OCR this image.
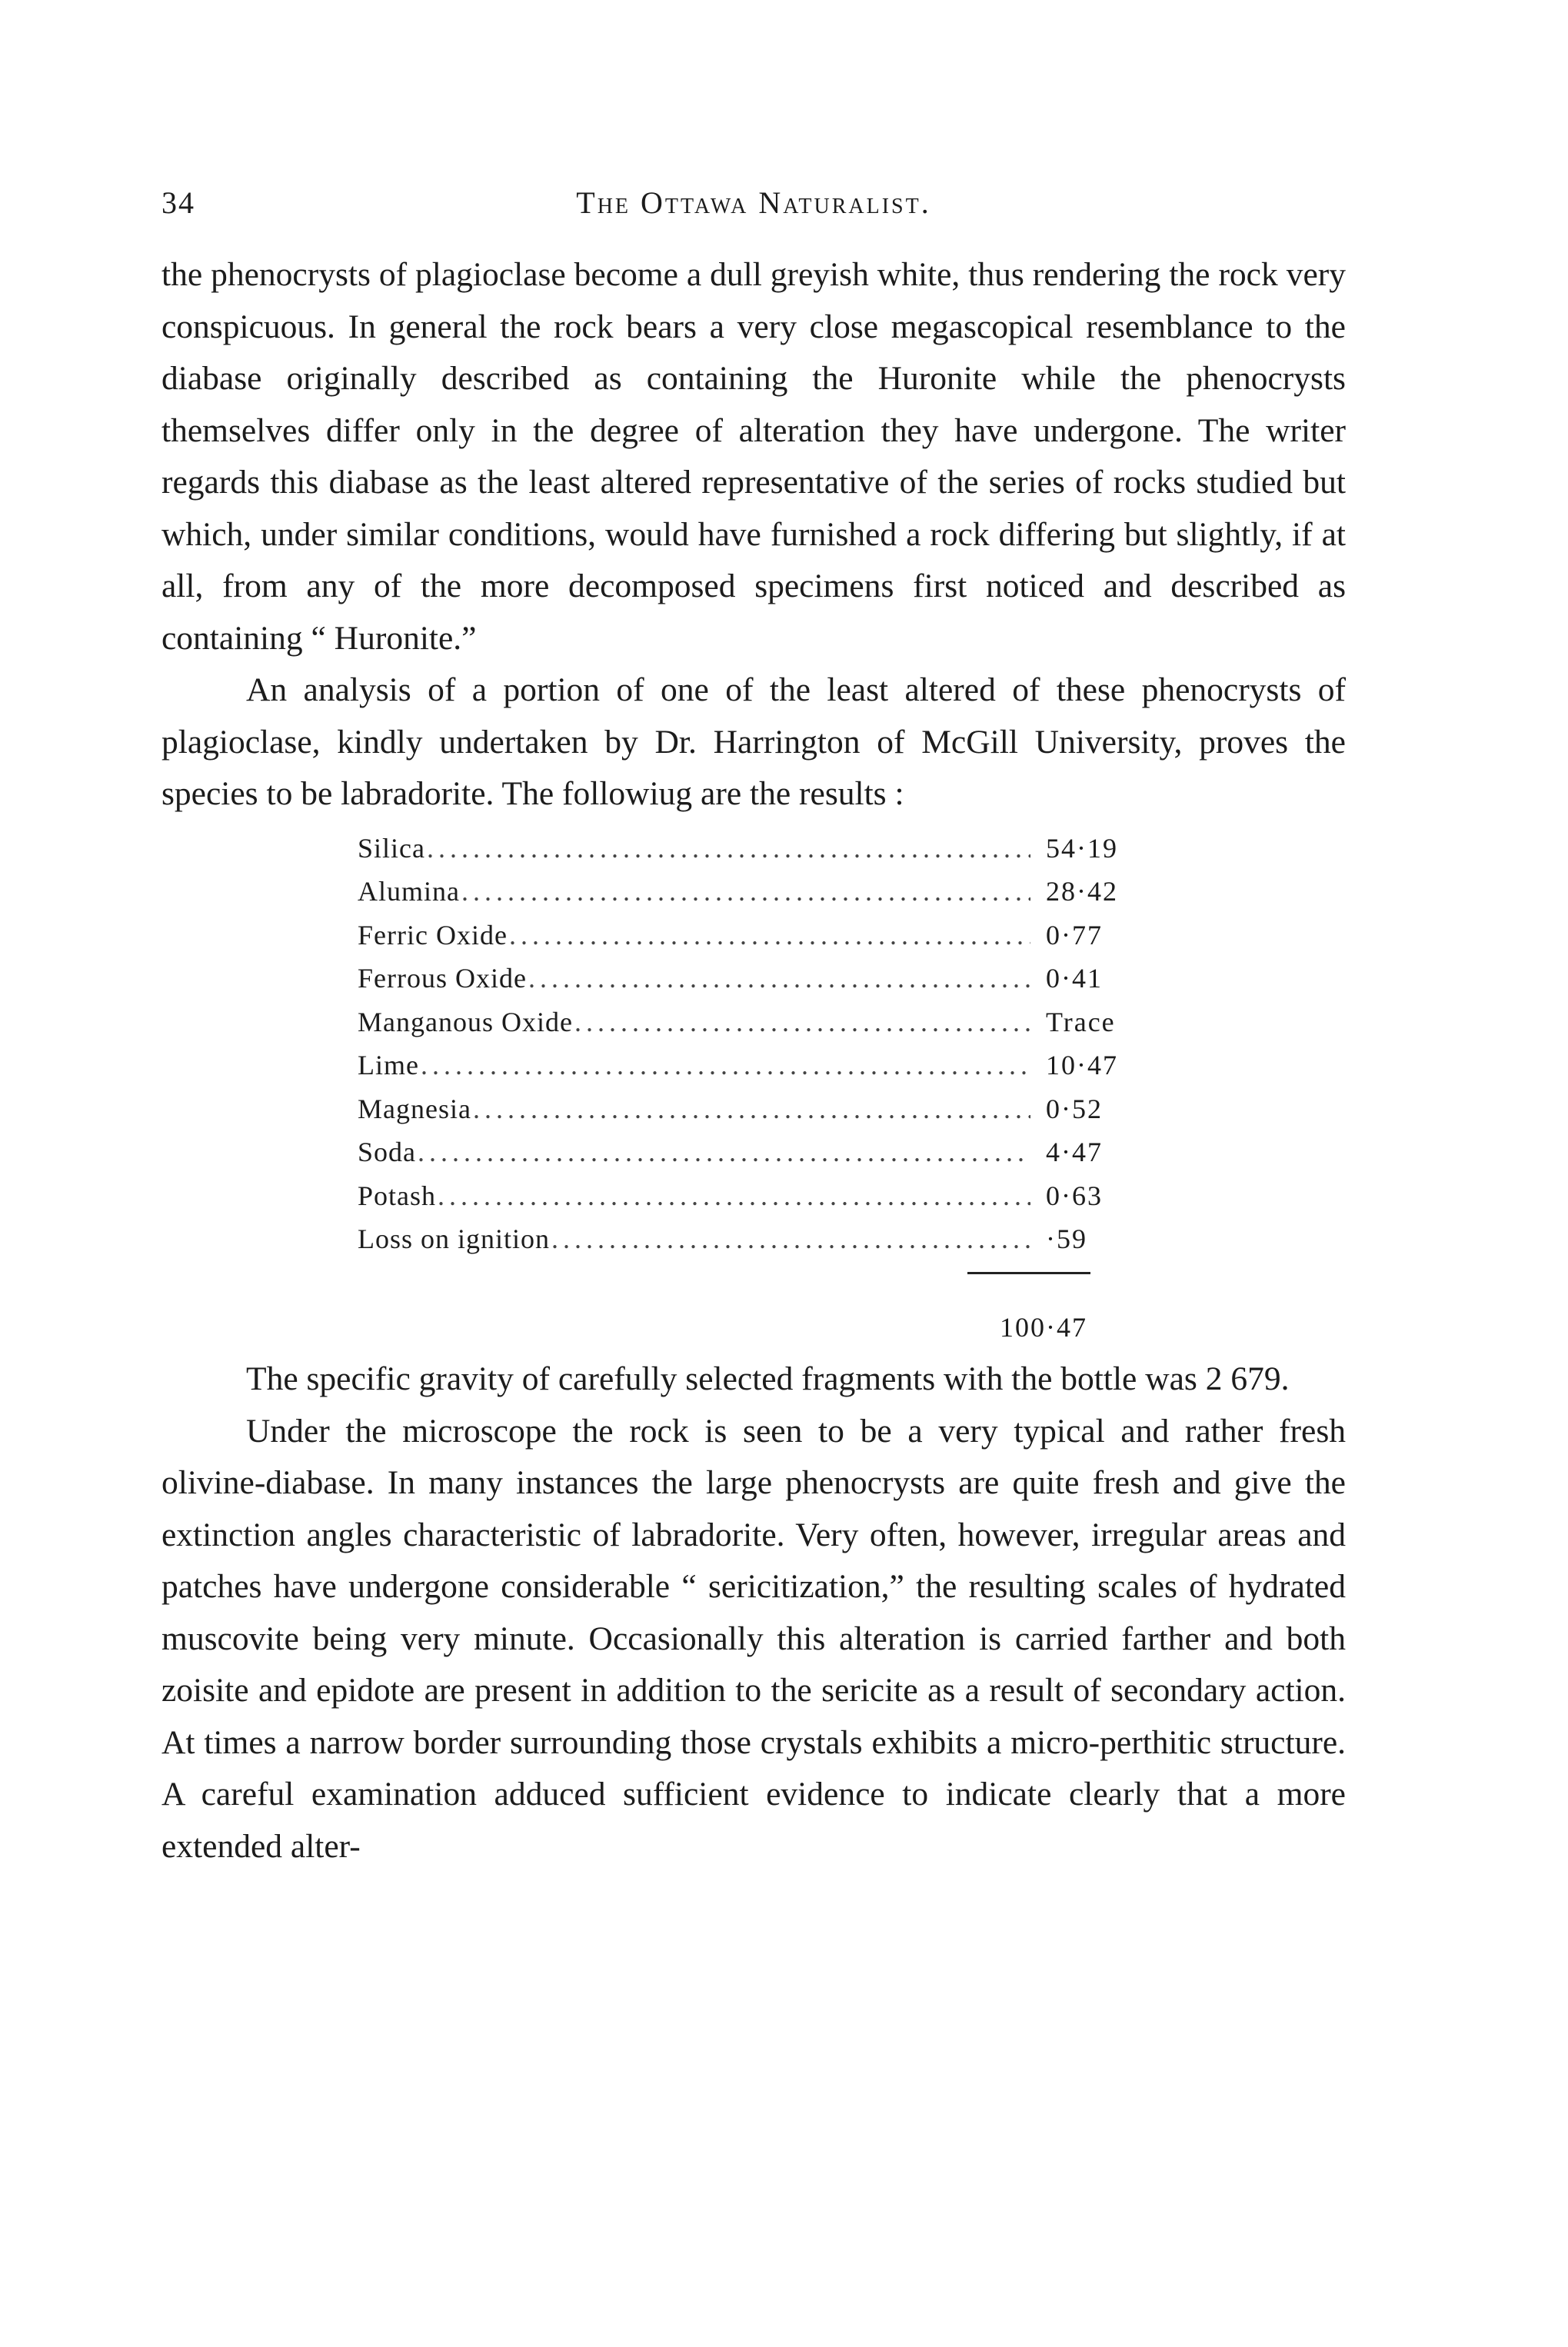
34	The Ottawa Naturalist.

the phenocrysts of plagioclase become a dull greyish white, thus rendering the rock very conspicuous. In general the rock bears a very close megascopical resemblance to the diabase originally described as containing the Huronite while the phenocrysts themselves differ only in the degree of alteration they have undergone. The writer regards this diabase as the least altered representative of the series of rocks studied but which, under similar conditions, would have furnished a rock differing but slightly, if at all, from any of the more decomposed specimens first noticed and described as containing “ Huronite.”

An analysis of a portion of one of the least altered of these phenocrysts of plagioclase, kindly undertaken by Dr. Harrington of McGill University, proves the species to be labradorite. The followiug are the results :

Silica .....	54·19
Alumina .....	28·42
Ferric Oxide .....	0·77
Ferrous Oxide .....	0·41
Manganous Oxide .....	Trace
Lime .....	10·47
Magnesia .....	0·52
Soda .....	4·47
Potash .....	0·63
Loss on ignition .....	·59
100·47

The specific gravity of carefully selected fragments with the bottle was 2 679.

Under the microscope the rock is seen to be a very typical and rather fresh olivine-diabase. In many instances the large phenocrysts are quite fresh and give the extinction angles characteristic of labradorite. Very often, however, irregular areas and patches have undergone considerable “ sericitization,” the resulting scales of hydrated muscovite being very minute. Occasionally this alteration is carried farther and both zoisite and epidote are present in addition to the sericite as a result of secondary action. At times a narrow border surrounding those crystals exhibits a micro-perthitic structure. A careful examination adduced sufficient evidence to indicate clearly that a more extended alter-
